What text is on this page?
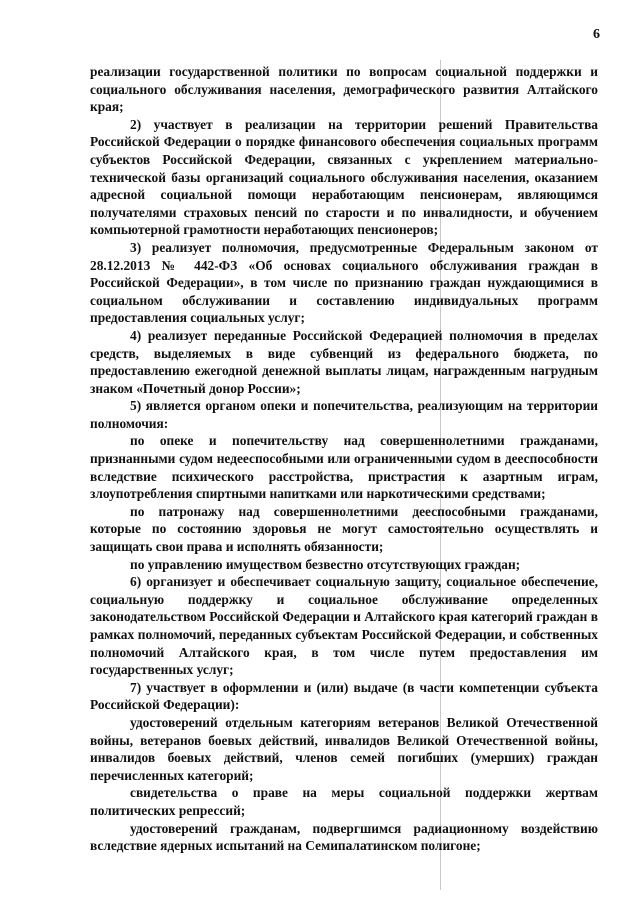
6

реализации государственной политики по вопросам социальной поддержки и социального обслуживания населения, демографического развития Алтайского края;

2) участвует в реализации на территории решений Правительства Российской Федерации о порядке финансового обеспечения социальных программ субъектов Российской Федерации, связанных с укреплением материально-технической базы организаций социального обслуживания населения, оказанием адресной социальной помощи неработающим пенсионерам, являющимся получателями страховых пенсий по старости и по инвалидности, и обучением компьютерной грамотности неработающих пенсионеров;

3) реализует полномочия, предусмотренные Федеральным законом от 28.12.2013 № 442-ФЗ «Об основах социального обслуживания граждан в Российской Федерации», в том числе по признанию граждан нуждающимися в социальном обслуживании и составлению индивидуальных программ предоставления социальных услуг;

4) реализует переданные Российской Федерацией полномочия в пределах средств, выделяемых в виде субвенций из федерального бюджета, по предоставлению ежегодной денежной выплаты лицам, награжденным нагрудным знаком «Почетный донор России»;

5) является органом опеки и попечительства, реализующим на территории полномочия:

по опеке и попечительству над совершеннолетними гражданами, признанными судом недееспособными или ограниченными судом в дееспособности вследствие психического расстройства, пристрастия к азартным играм, злоупотребления спиртными напитками или наркотическими средствами;

по патронажу над совершеннолетними дееспособными гражданами, которые по состоянию здоровья не могут самостоятельно осуществлять и защищать свои права и исполнять обязанности;

по управлению имуществом безвестно отсутствующих граждан;

6) организует и обеспечивает социальную защиту, социальное обеспечение, социальную поддержку и социальное обслуживание определенных законодательством Российской Федерации и Алтайского края категорий граждан в рамках полномочий, переданных субъектам Российской Федерации, и собственных полномочий Алтайского края, в том числе путем предоставления им государственных услуг;

7) участвует в оформлении и (или) выдаче (в части компетенции субъекта Российской Федерации):

удостоверений отдельным категориям ветеранов Великой Отечественной войны, ветеранов боевых действий, инвалидов Великой Отечественной войны, инвалидов боевых действий, членов семей погибших (умерших) граждан перечисленных категорий;

свидетельства о праве на меры социальной поддержки жертвам политических репрессий;

удостоверений гражданам, подвергшимся радиационному воздействию вследствие ядерных испытаний на Семипалатинском полигоне;
